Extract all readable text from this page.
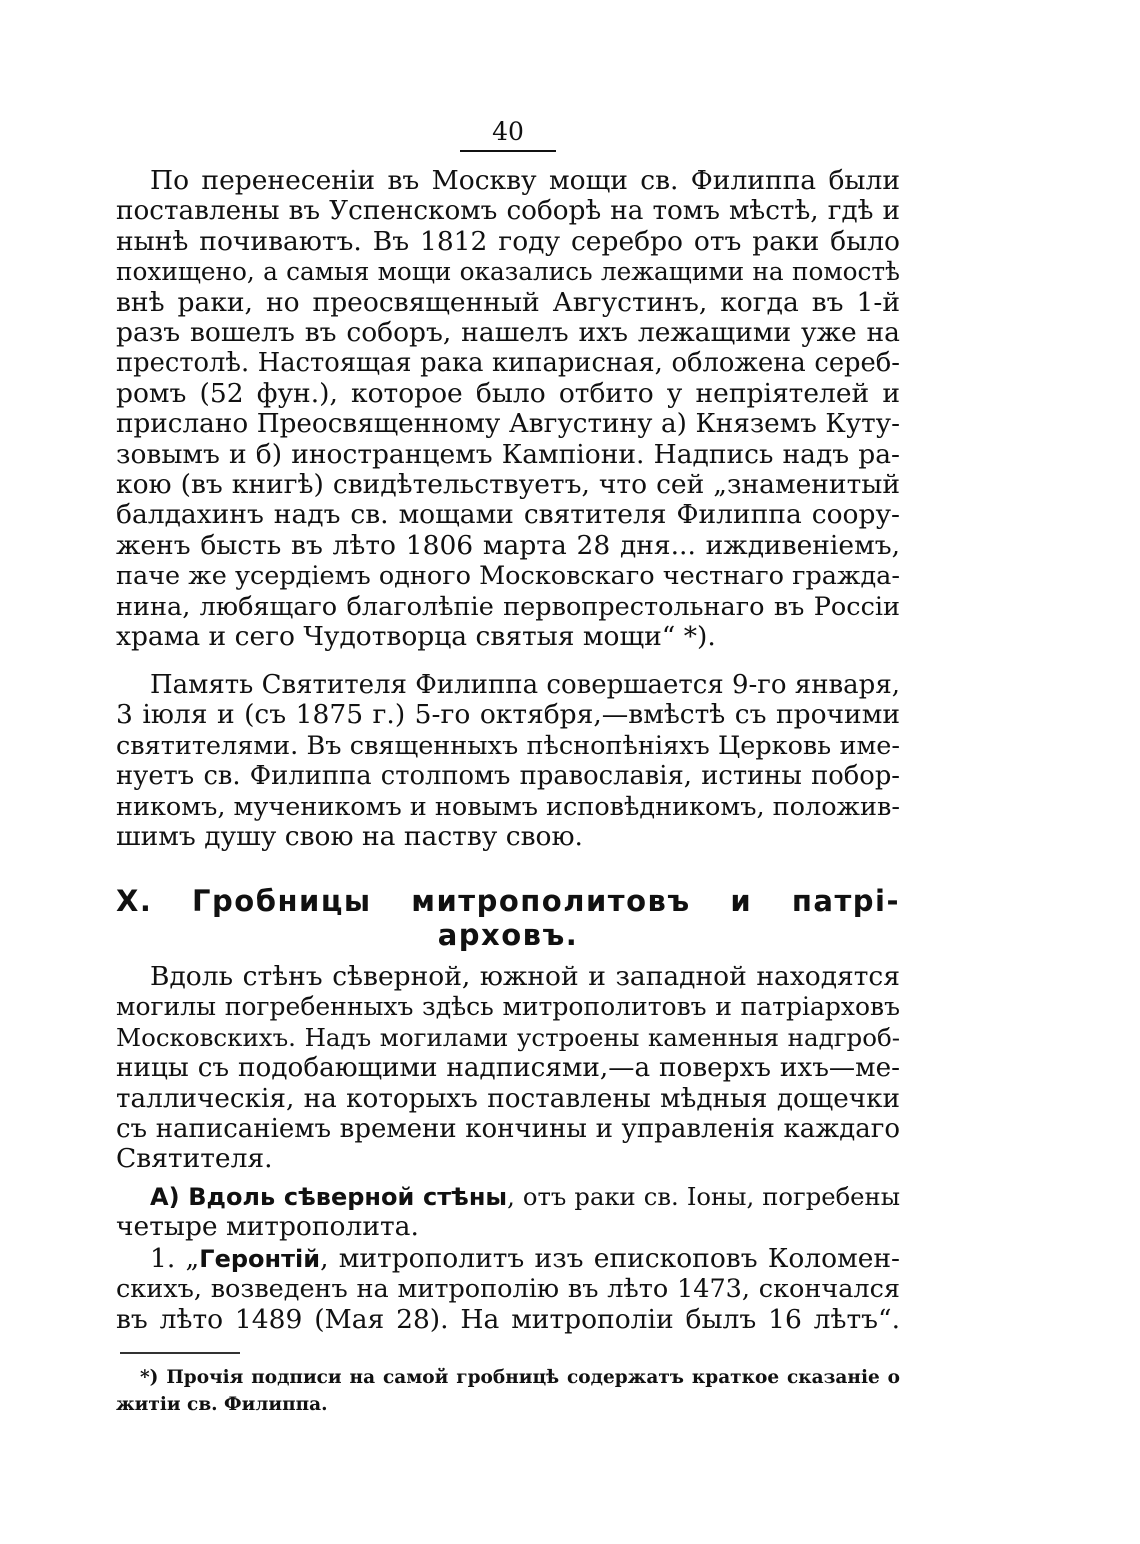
40
По перенесеніи въ Москву мощи св. Филиппа были
поставлены въ Успенскомъ соборѣ на томъ мѣстѣ, гдѣ и
нынѣ почиваютъ. Въ 1812 году серебро отъ раки было
похищено, а самыя мощи оказались лежащими на помостѣ
внѣ раки, но преосвященный Августинъ, когда въ 1-й
разъ вошелъ въ соборъ, нашелъ ихъ лежащими уже на
престолѣ. Настоящая рака кипарисная, обложена сереб-
ромъ (52 фун.), которое было отбито у непріятелей и
прислано Преосвященному Августину а) Княземъ Куту-
зовымъ и б) иностранцемъ Кампіони. Надпись надъ ра-
кою (въ книгѣ) свидѣтельствуетъ, что сей „знаменитый
балдахинъ надъ св. мощами святителя Филиппа соору-
женъ бысть въ лѣто 1806 марта 28 дня... иждивеніемъ,
паче же усердіемъ одного Московскаго честнаго гражда-
нина, любящаго благолѣпіе первопрестольнаго въ Россіи
храма и сего Чудотворца святыя мощи“ *).
Память Святителя Филиппа совершается 9-го января,
3 іюля и (съ 1875 г.) 5-го октября,—вмѣстѣ съ прочими
святителями. Въ священныхъ пѣснопѣніяхъ Церковь име-
нуетъ св. Филиппа столпомъ православія, истины побор-
никомъ, мученикомъ и новымъ исповѣдникомъ, положив-
шимъ душу свою на паству свою.
Х. Гробницы митрополитовъ и патрі-
арховъ.
Вдоль стѣнъ сѣверной, южной и западной находятся
могилы погребенныхъ здѣсь митрополитовъ и патріарховъ
Московскихъ. Надъ могилами устроены каменныя надгроб-
ницы съ подобающими надписями,—а поверхъ ихъ—ме-
таллическія, на которыхъ поставлены мѣдныя дощечки
съ написаніемъ времени кончины и управленія каждаго
Святителя.
А) Вдоль сѣверной стѣны, отъ раки св. Іоны, погребены
четыре митрополита.
1. „Геронтій, митрополитъ изъ епископовъ Коломен-
скихъ, возведенъ на митрополію въ лѣто 1473, скончался
въ лѣто 1489 (Мая 28). На митрополіи былъ 16 лѣтъ“.
*) Прочія подписи на самой гробницѣ содержатъ краткое сказаніе о
житіи св. Филиппа.
